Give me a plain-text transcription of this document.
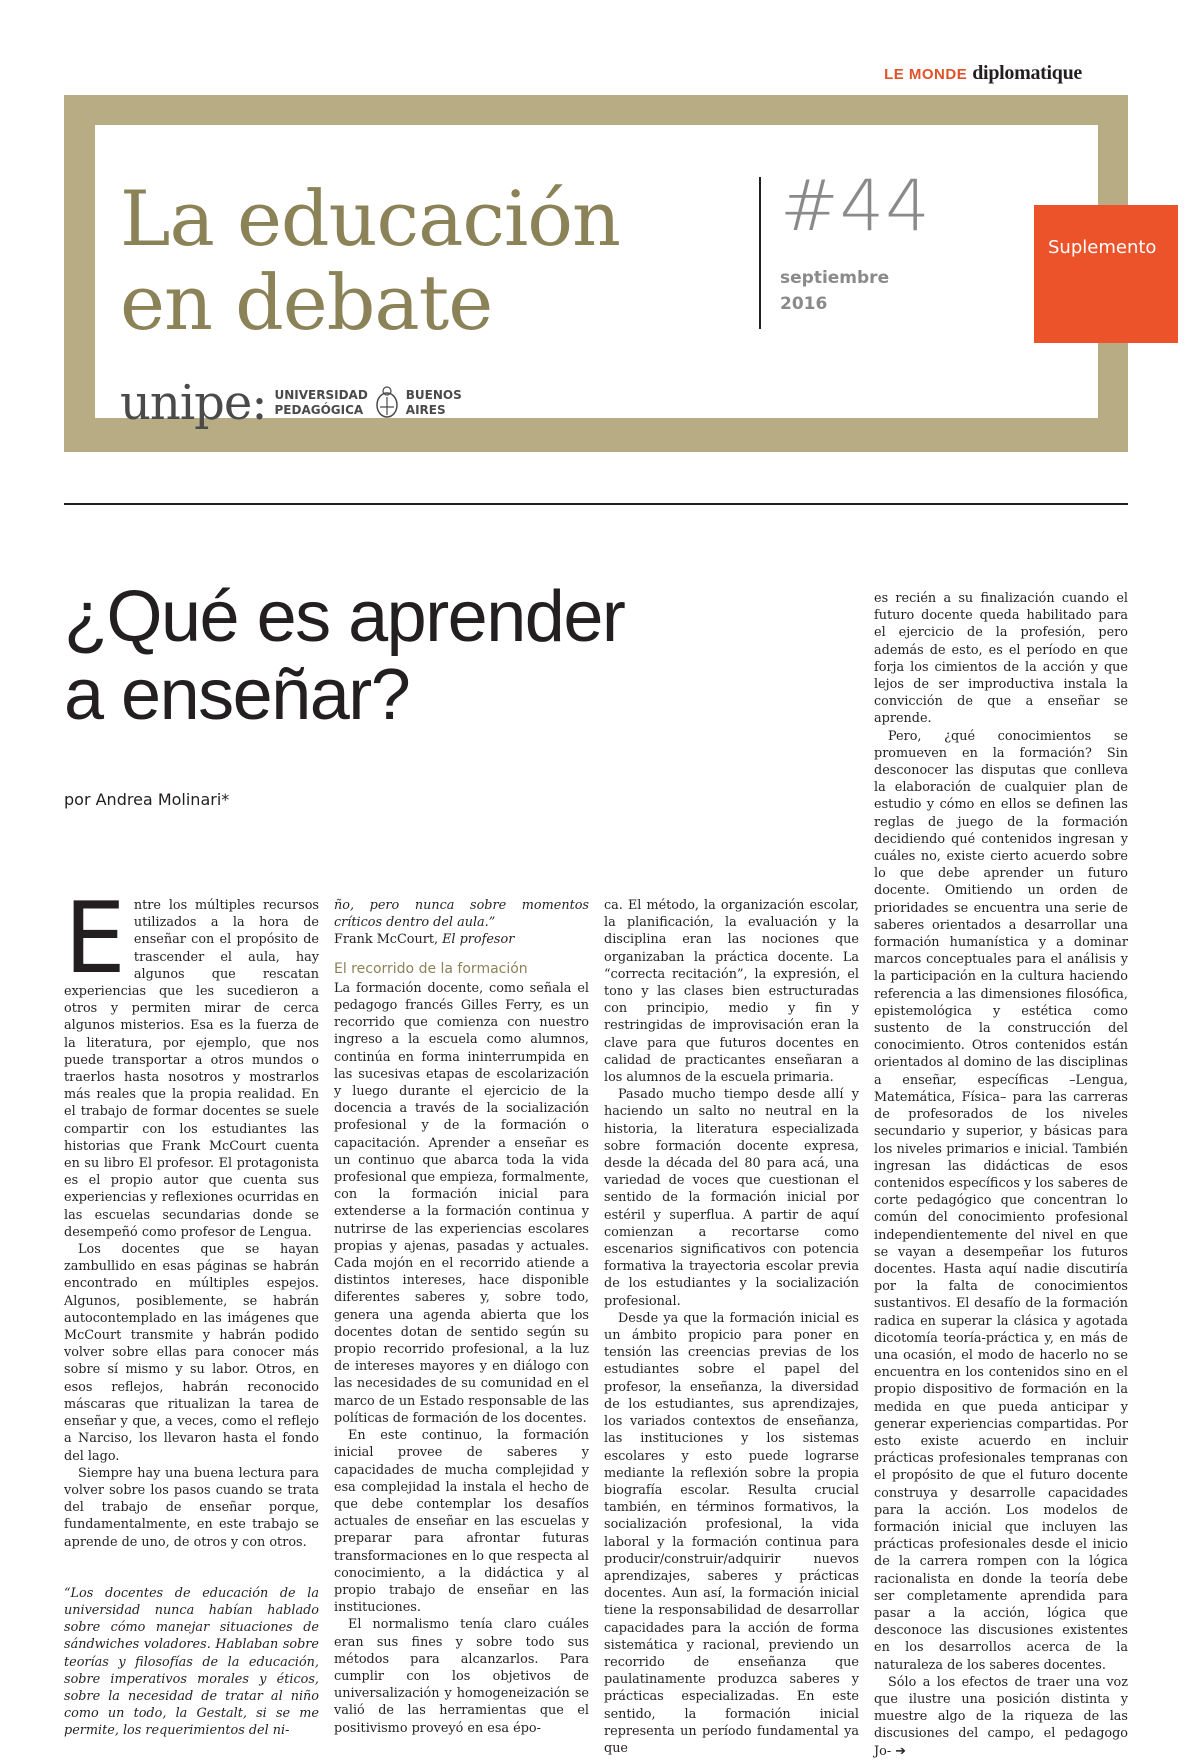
LE MONDE diplomatique
La educación
en debate
#44
septiembre
2016
Suplemento
unipe: UNIVERSIDAD
PEDAGÓGICA
BUENOS
AIRES
¿Qué es aprender
a enseñar?
por Andrea Molinari*

Entre los múltiples recursos utilizados a la hora de enseñar con el propósito de trascender el aula, hay algunos que rescatan experiencias que les sucedieron a otros y permiten mirar de cerca algunos misterios. Esa es la fuerza de la literatura, por ejemplo, que nos puede transportar a otros mundos o traerlos hasta nosotros y mostrarlos más reales que la propia realidad. En el trabajo de formar docentes se suele compartir con los estudiantes las historias que Frank McCourt cuenta en su libro El profesor. El protagonista es el propio autor que cuenta sus experiencias y reflexiones ocurridas en las escuelas secundarias donde se desempeñó como profesor de Lengua.

Los docentes que se hayan zambullido en esas páginas se habrán encontrado en múltiples espejos. Algunos, posiblemente, se habrán autocontemplado en las imágenes que McCourt transmite y habrán podido volver sobre ellas para conocer más sobre sí mismo y su labor. Otros, en esos reflejos, habrán reconocido máscaras que ritualizan la tarea de enseñar y que, a veces, como el reflejo a Narciso, los llevaron hasta el fondo del lago.

Siempre hay una buena lectura para volver sobre los pasos cuando se trata del trabajo de enseñar porque, fundamentalmente, en este trabajo se aprende de uno, de otros y con otros.

“Los docentes de educación de la universidad nunca habían hablado sobre cómo manejar situaciones de sándwiches voladores. Hablaban sobre teorías y filosofías de la educación, sobre imperativos morales y éticos, sobre la necesidad de tratar al niño como un todo, la Gestalt, si se me permite, los requerimientos del ni-

ño, pero nunca sobre momentos críticos dentro del aula.”

Frank McCourt, El profesor

El recorrido de la formación

La formación docente, como señala el pedagogo francés Gilles Ferry, es un recorrido que comienza con nuestro ingreso a la escuela como alumnos, continúa en forma ininterrumpida en las sucesivas etapas de escolarización y luego durante el ejercicio de la docencia a través de la socialización profesional y de la formación o capacitación. Aprender a enseñar es un continuo que abarca toda la vida profesional que empieza, formalmente, con la formación inicial para extenderse a la formación continua y nutrirse de las experiencias escolares propias y ajenas, pasadas y actuales. Cada mojón en el recorrido atiende a distintos intereses, hace disponible diferentes saberes y, sobre todo, genera una agenda abierta que los docentes dotan de sentido según su propio recorrido profesional, a la luz de intereses mayores y en diálogo con las necesidades de su comunidad en el marco de un Estado responsable de las políticas de formación de los docentes.

En este continuo, la formación inicial provee de saberes y capacidades de mucha complejidad y esa complejidad la instala el hecho de que debe contemplar los desafíos actuales de enseñar en las escuelas y preparar para afrontar futuras transformaciones en lo que respecta al conocimiento, a la didáctica y al propio trabajo de enseñar en las instituciones.

El normalismo tenía claro cuáles eran sus fines y sobre todo sus métodos para alcanzarlos. Para cumplir con los objetivos de universalización y homogeneización se valió de las herramientas que el positivismo proveyó en esa épo-

ca. El método, la organización escolar, la planificación, la evaluación y la disciplina eran las nociones que organizaban la práctica docente. La “correcta recitación”, la expresión, el tono y las clases bien estructuradas con principio, medio y fin y restringidas de improvisación eran la clave para que futuros docentes en calidad de practicantes enseñaran a los alumnos de la escuela primaria.

Pasado mucho tiempo desde allí y haciendo un salto no neutral en la historia, la literatura especializada sobre formación docente expresa, desde la década del 80 para acá, una variedad de voces que cuestionan el sentido de la formación inicial por estéril y superflua. A partir de aquí comienzan a recortarse como escenarios significativos con potencia formativa la trayectoria escolar previa de los estudiantes y la socialización profesional.

Desde ya que la formación inicial es un ámbito propicio para poner en tensión las creencias previas de los estudiantes sobre el papel del profesor, la enseñanza, la diversidad de los estudiantes, sus aprendizajes, los variados contextos de enseñanza, las instituciones y los sistemas escolares y esto puede lograrse mediante la reflexión sobre la propia biografía escolar. Resulta crucial también, en términos formativos, la socialización profesional, la vida laboral y la formación continua para producir/construir/adquirir nuevos aprendizajes, saberes y prácticas docentes. Aun así, la formación inicial tiene la responsabilidad de desarrollar capacidades para la acción de forma sistemática y racional, previendo un recorrido de enseñanza que paulatinamente produzca saberes y prácticas especializadas. En este sentido, la formación inicial representa un período fundamental ya que

es recién a su finalización cuando el futuro docente queda habilitado para el ejercicio de la profesión, pero además de esto, es el período en que forja los cimientos de la acción y que lejos de ser improductiva instala la convicción de que a enseñar se aprende.

Pero, ¿qué conocimientos se promueven en la formación? Sin desconocer las disputas que conlleva la elaboración de cualquier plan de estudio y cómo en ellos se definen las reglas de juego de la formación decidiendo qué contenidos ingresan y cuáles no, existe cierto acuerdo sobre lo que debe aprender un futuro docente. Omitiendo un orden de prioridades se encuentra una serie de saberes orientados a desarrollar una formación humanística y a dominar marcos conceptuales para el análisis y la participación en la cultura haciendo referencia a las dimensiones filosófica, epistemológica y estética como sustento de la construcción del conocimiento. Otros contenidos están orientados al domino de las disciplinas a enseñar, específicas –Lengua, Matemática, Física– para las carreras de profesorados de los niveles secundario y superior, y básicas para los niveles primarios e inicial. También ingresan las didácticas de esos contenidos específicos y los saberes de corte pedagógico que concentran lo común del conocimiento profesional independientemente del nivel en que se vayan a desempeñar los futuros docentes. Hasta aquí nadie discutiría por la falta de conocimientos sustantivos. El desafío de la formación radica en superar la clásica y agotada dicotomía teoría-práctica y, en más de una ocasión, el modo de hacerlo no se encuentra en los contenidos sino en el propio dispositivo de formación en la medida en que pueda anticipar y generar experiencias compartidas. Por esto existe acuerdo en incluir prácticas profesionales tempranas con el propósito de que el futuro docente construya y desarrolle capacidades para la acción. Los modelos de formación inicial que incluyen las prácticas profesionales desde el inicio de la carrera rompen con la lógica racionalista en donde la teoría debe ser completamente aprendida para pasar a la acción, lógica que desconoce las discusiones existentes en los desarrollos acerca de la naturaleza de los saberes docentes.

Sólo a los efectos de traer una voz que ilustre una posición distinta y muestre algo de la riqueza de las discusiones del campo, el pedagogo Jo- ➔
